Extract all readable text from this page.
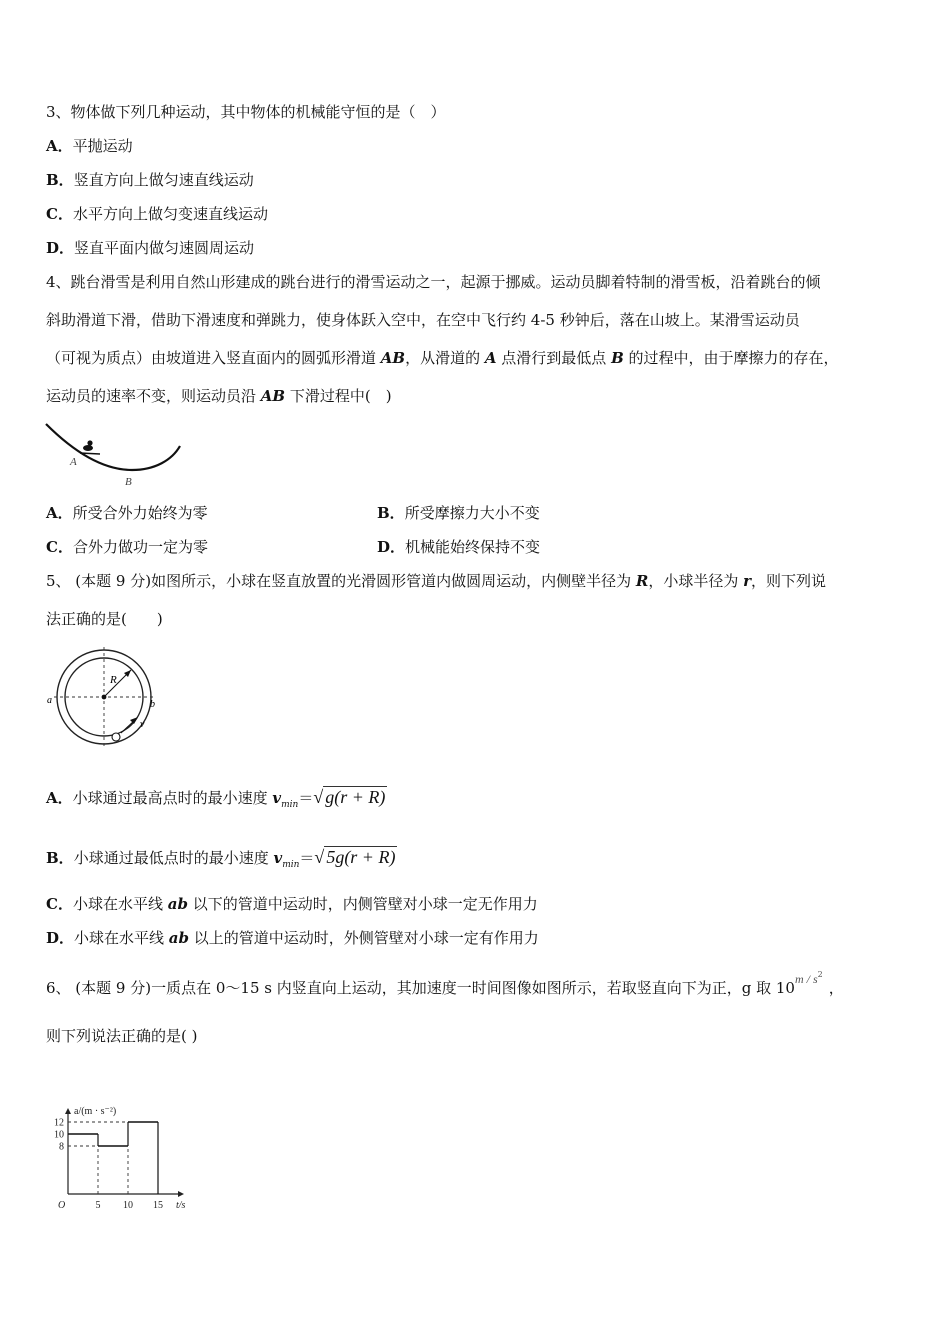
3、物体做下列几种运动，其中物体的机械能守恒的是（　）
A．平抛运动
B．竖直方向上做匀速直线运动
C．水平方向上做匀变速直线运动
D．竖直平面内做匀速圆周运动
4、跳台滑雪是利用自然山形建成的跳台进行的滑雪运动之一，起源于挪威。运动员脚着特制的滑雪板，沿着跳台的倾
斜助滑道下滑，借助下滑速度和弹跳力，使身体跃入空中，在空中飞行约 4-5 秒钟后，落在山坡上。某滑雪运动员
（可视为质点）由坡道进入竖直面内的圆弧形滑道 AB，从滑道的 A 点滑行到最低点 B 的过程中，由于摩擦力的存在，
运动员的速率不变，则运动员沿 AB 下滑过程中(　)
A
B
A．所受合外力始终为零	B．所受摩擦力大小不变
C．合外力做功一定为零	D．机械能始终保持不变
5、 (本题 9 分)如图所示，小球在竖直放置的光滑圆形管道内做圆周运动，内侧壁半径为 R，小球半径为 r，则下列说
法正确的是(　　)
R
a	b
v
A．小球通过最高点时的最小速度 $v_{min}=√$ g(r + R)
B．小球通过最低点时的最小速度 $v_{min}=√$ 5g(r + R)
C．小球在水平线 ab 以下的管道中运动时，内侧管壁对小球一定无作用力
D．小球在水平线 ab 以上的管道中运动时，外侧管壁对小球一定有作用力
6、 (本题 9 分)一质点在 0～15 s 内竖直向上运动，其加速度一时间图像如图所示，若取竖直向下为正，g 取 $10^{m / s2}$，
则下列说法正确的是( )
a/(m · s⁻²)
t/s
O	5 10 15
8
10
12
